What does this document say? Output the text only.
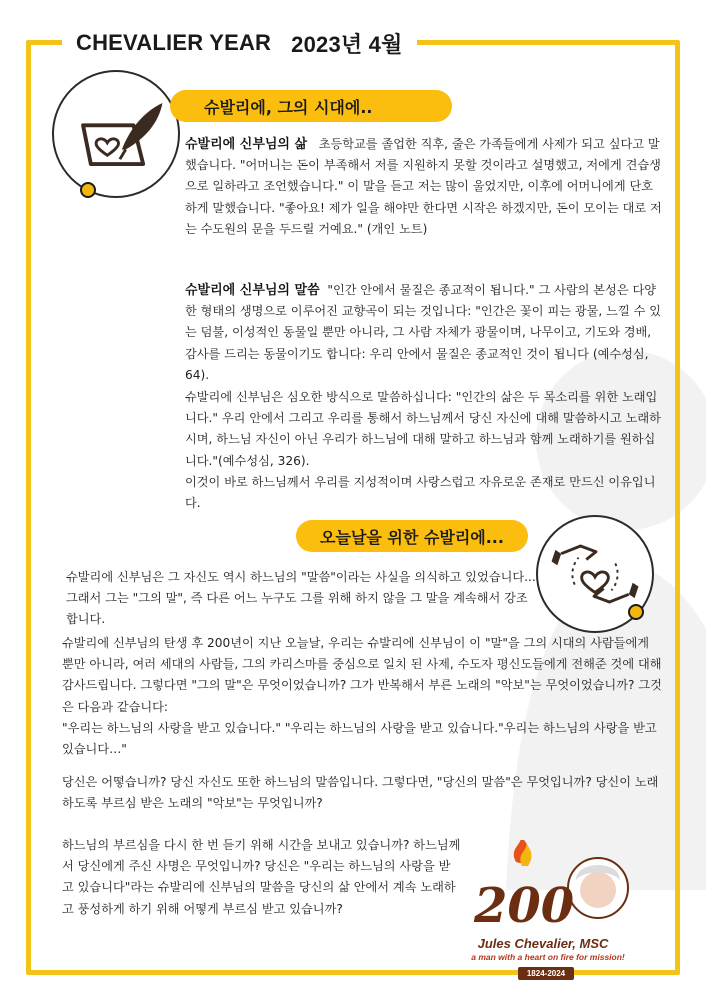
CHEVALIER YEAR 2023년 4월
슈발리에, 그의 시대에..

슈발리에 신부님의 삶 초등학교를 졸업한 직후, 줄은 가족들에게 사제가 되고 싶다고 말했습니다. "어머니는 돈이 부족해서 저를 지원하지 못할 것이라고 설명했고, 저에게 견습생으로 일하라고 조언했습니다." 이 말을 듣고 저는 많이 울었지만, 이후에 어머니에게 단호하게 말했습니다. "좋아요! 제가 일을 해야만 한다면 시작은 하겠지만, 돈이 모이는 대로 저는 수도원의 문을 두드릴 거예요." (개인 노트)

슈발리에 신부님의 말씀 "인간 안에서 물질은 종교적이 됩니다." 그 사람의 본성은 다양한 형태의 생명으로 이루어진 교향곡이 되는 것입니다: "인간은 꽃이 피는 광물, 느낄 수 있는 덤불, 이성적인 동물일 뿐만 아니라, 그 사람 자체가 광물이며, 나무이고, 기도와 경배, 감사를 드리는 동물이기도 합니다: 우리 안에서 물질은 종교적인 것이 됩니다 (예수성심, 64).

슈발리에 신부님은 심오한 방식으로 말씀하십니다: "인간의 삶은 두 목소리를 위한 노래입니다." 우리 안에서 그리고 우리를 통해서 하느님께서 당신 자신에 대해 말씀하시고 노래하시며, 하느님 자신이 아닌 우리가 하느님에 대해 말하고 하느님과 함께 노래하기를 원하십니다."(예수성심, 326).

이것이 바로 하느님께서 우리를 지성적이며 사랑스럽고 자유로운 존재로 만드신 이유입니다.

오늘날을 위한 슈발리에...

슈발리에 신부님은 그 자신도 역시 하느님의 "말씀"이라는 사실을 의식하고 있었습니다... 그래서 그는 "그의 말", 즉 다른 어느 누구도 그를 위해 하지 않을 그 말을 계속해서 강조합니다.

슈발리에 신부님의 탄생 후 200년이 지난 오늘날, 우리는 슈발리에 신부님이 이 "말"을 그의 시대의 사람들에게 뿐만 아니라, 여러 세대의 사람들, 그의 카리스마를 중심으로 일치 된 사제, 수도자 평신도들에게 전해준 것에 대해 감사드립니다. 그렇다면 "그의 말"은 무엇이었습니까? 그가 반복해서 부른 노래의 "악보"는 무엇이었습니까? 그것은 다음과 같습니다:
"우리는 하느님의 사랑을 받고 있습니다." "우리는 하느님의 사랑을 받고 있습니다."우리는 하느님의 사랑을 받고 있습니다…"

당신은 어떻습니까? 당신 자신도 또한 하느님의 말씀입니다. 그렇다면, "당신의 말씀"은 무엇입니까? 당신이 노래하도록 부르심 받은 노래의 "악보"는 무엇입니까?

하느님의 부르심을 다시 한 번 듣기 위해 시간을 보내고 있습니까? 하느님께서 당신에게 주신 사명은 무엇입니까? 당신은 "우리는 하느님의 사랑을 받고 있습니다"라는 슈발리에 신부님의 말씀을 당신의 삶 안에서 계속 노래하고 풍성하게 하기 위해 어떻게 부르심 받고 있습니까?	200
Jules Chevalier, MSC
a man with a heart on fire for mission!
1824-2024
